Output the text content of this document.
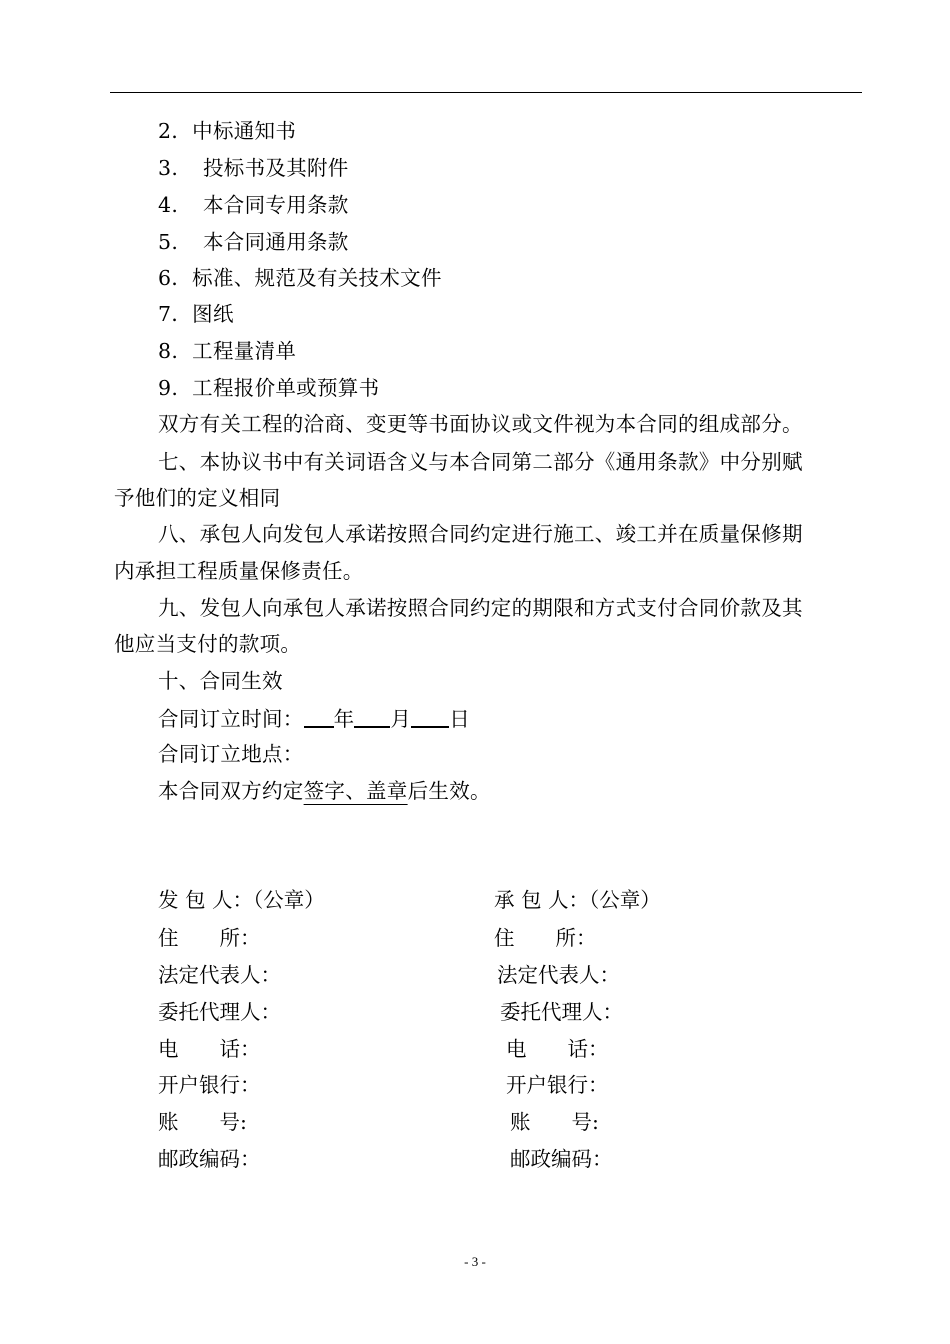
2．中标通知书
3. 投标书及其附件
4. 本合同专用条款
5. 本合同通用条款
6．标准、规范及有关技术文件
7．图纸
8. 工程量清单
9. 工程报价单或预算书
双方有关工程的洽商、变更等书面协议或文件视为本合同的组成部分。
七、本协议书中有关词语含义与本合同第二部分《通用条款》中分别赋
予他们的定义相同
八、承包人向发包人承诺按照合同约定进行施工、竣工并在质量保修期
内承担工程质量保修责任。
九、发包人向承包人承诺按照合同约定的期限和方式支付合同价款及其
他应当支付的款项。
十、合同生效
合同订立时间： 年 月 日
合同订立地点：
本合同双方约定签字、盖章后生效。
发 包 人：（公章）
住　　所：
法定代表人：
委托代理人：
电　　话：
开户银行：
账　　号:
邮政编码：
承 包 人：（公章）
住　　所：
法定代表人：
委托代理人：
电　　话：
开户银行：
账　　号:
邮政编码：
- 3 -
